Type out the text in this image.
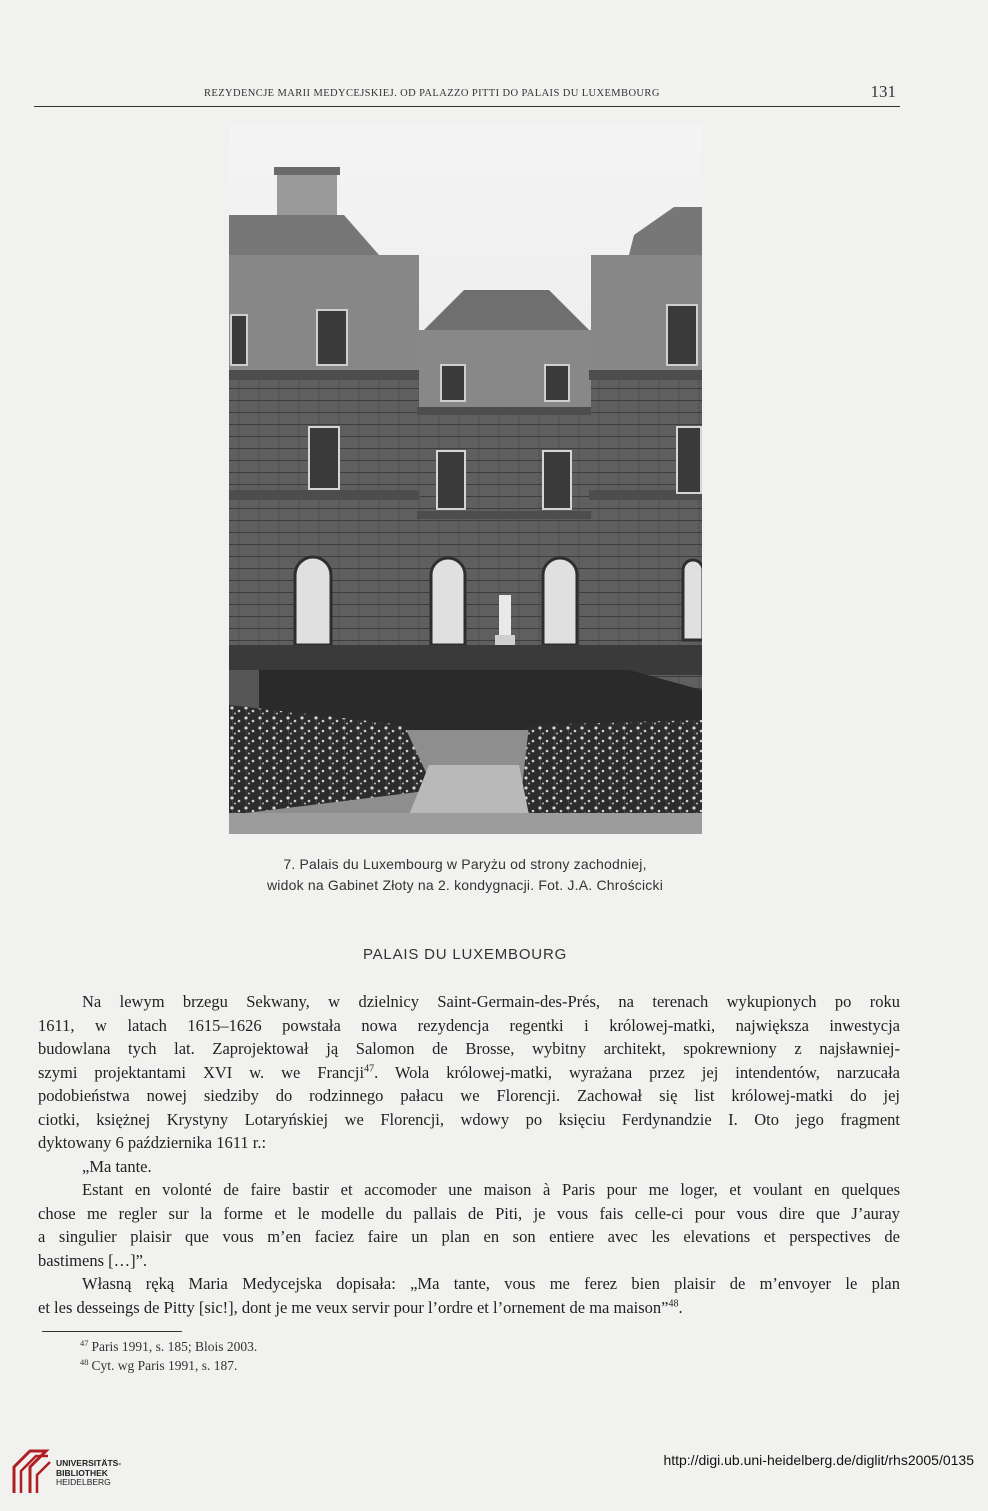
REZYDENCJE MARII MEDYCEJSKIEJ. OD PALAZZO PITTI DO PALAIS DU LUXEMBOURG	131
7. Palais du Luxembourg w Paryżu od strony zachodniej,
widok na Gabinet Złoty na 2. kondygnacji. Fot. J.A. Chrościcki
PALAIS DU LUXEMBOURG
Na lewym brzegu Sekwany, w dzielnicy Saint-Germain-des-Prés, na terenach wykupionych po roku
1611, w latach 1615–1626 powstała nowa rezydencja regentki i królowej-matki, największa inwestycja
budowlana tych lat. Zaprojektował ją Salomon de Brosse, wybitny architekt, spokrewniony z najsławniej-
szymi projektantami XVI w. we Francji$^{47}$. Wola królowej-matki, wyrażana przez jej intendentów, narzucała
podobieństwa nowej siedziby do rodzinnego pałacu we Florencji. Zachował się list królowej-matki do jej
ciotki, księżnej Krystyny Lotaryńskiej we Florencji, wdowy po księciu Ferdynandzie I. Oto jego fragment
dyktowany 6 października 1611 r.:
„Ma tante.
Estant en volonté de faire bastir et accomoder une maison à Paris pour me loger, et voulant en quelques
chose me regler sur la forme et le modelle du pallais de Piti, je vous fais celle-ci pour vous dire que J’auray
a singulier plaisir que vous m’en faciez faire un plan en son entiere avec les elevations et perspectives de
bastimens […]”.
Własną ręką Maria Medycejska dopisała: „Ma tante, vous me ferez bien plaisir de m’envoyer le plan
et les desseings de Pitty [sic!], dont je me veux servir pour l’ordre et l’ornement de ma maison”$^{48}$.
$^{47}$ Paris 1991, s. 185; Blois 2003.
$^{48}$ Cyt. wg Paris 1991, s. 187.
UNIVERSITÄTS-
BIBLIOTHEK
HEIDELBERG
http://digi.ub.uni-heidelberg.de/diglit/rhs2005/0135
